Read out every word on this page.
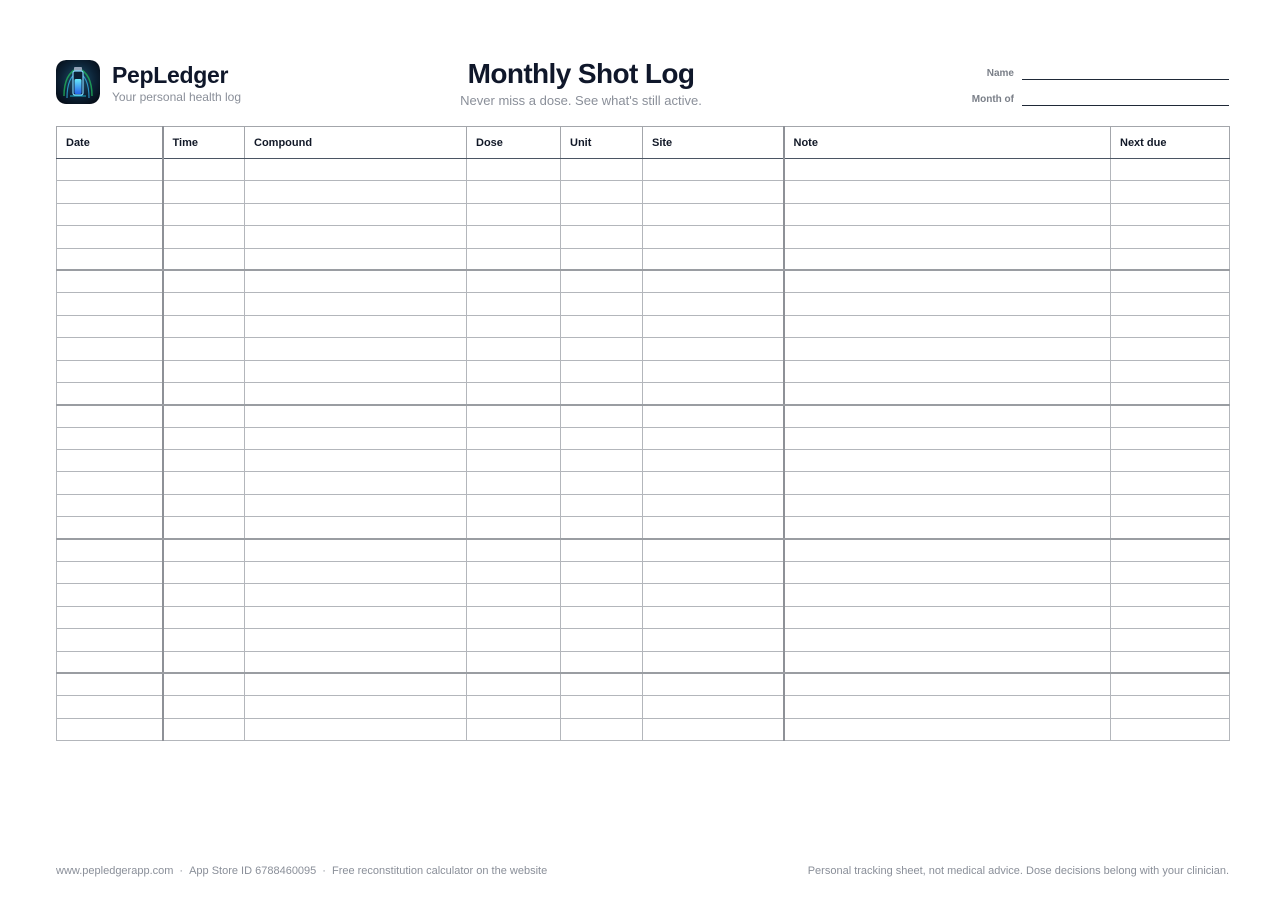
PepLedger
Your personal health log
Monthly Shot Log
Never miss a dose. See what's still active.
Name
Month of
Date	Time	Compound	Dose	Unit	Site	Note	Next due

www.pepledgerapp.com · App Store ID 6788460095 · Free reconstitution calculator on the website	Personal tracking sheet, not medical advice. Dose decisions belong with your clinician.
